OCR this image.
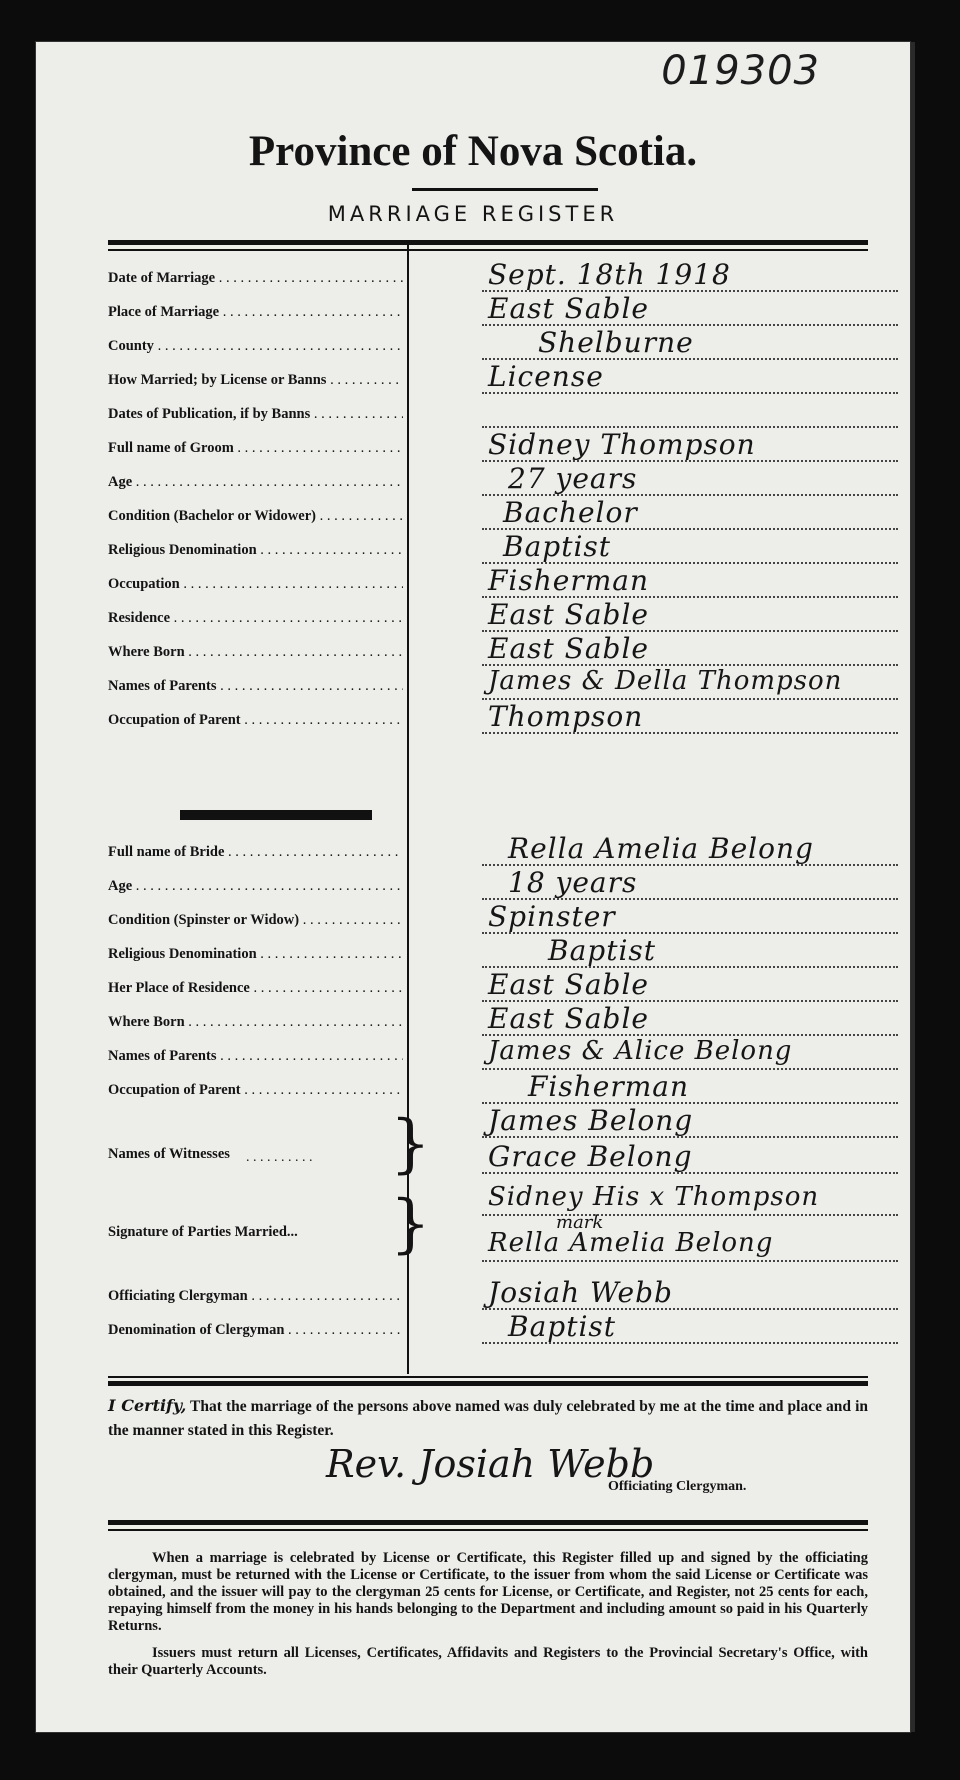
019303
Province of Nova Scotia.
MARRIAGE REGISTER
Date of Marriage . . .	Sept. 18th 1918
Place of Marriage . . .	East Sable
County . . .	Shelburne
How Married; by License or Banns . . .	License
Dates of Publication, if by Banns . . .
Full name of Groom . . .	Sidney Thompson
Age . . .	27 years
Condition (Bachelor or Widower) . . .	Bachelor
Religious Denomination . . .	Baptist
Occupation . . .	Fisherman
Residence . . .	East Sable
Where Born . . .	East Sable
Names of Parents . . .	James & Della Thompson
Occupation of Parent . . .	Thompson
Full name of Bride . . .	Rella Amelia Belong
Age . . .	18 years
Condition (Spinster or Widow) . . .	Spinster
Religious Denomination . . .	Baptist
Her Place of Residence . . .	East Sable
Where Born . . .	East Sable
Names of Parents . . .	James & Alice Belong
Occupation of Parent . . .	Fisherman
Names of Witnesses . . . . . . . . . . } James Belong
Grace Belong
Signature of Parties Married... } Sidney His x Thompson
mark
Rella Amelia Belong
Officiating Clergyman . . .	Josiah Webb
Denomination of Clergyman . . .	Baptist
I Certify, That the marriage of the persons above named was duly celebrated by me at the time and place and in the manner stated in this Register.
Rev. Josiah Webb
Officiating Clergyman.

When a marriage is celebrated by License or Certificate, this Register filled up and signed by the officiating clergyman, must be returned with the License or Certificate, to the issuer from whom the said License or Certificate was obtained, and the issuer will pay to the clergyman 25 cents for License, or Certificate, and Register, not 25 cents for each, repaying himself from the money in his hands belonging to the Department and including amount so paid in his Quarterly Returns.

Issuers must return all Licenses, Certificates, Affidavits and Registers to the Provincial Secretary's Office, with their Quarterly Accounts.
